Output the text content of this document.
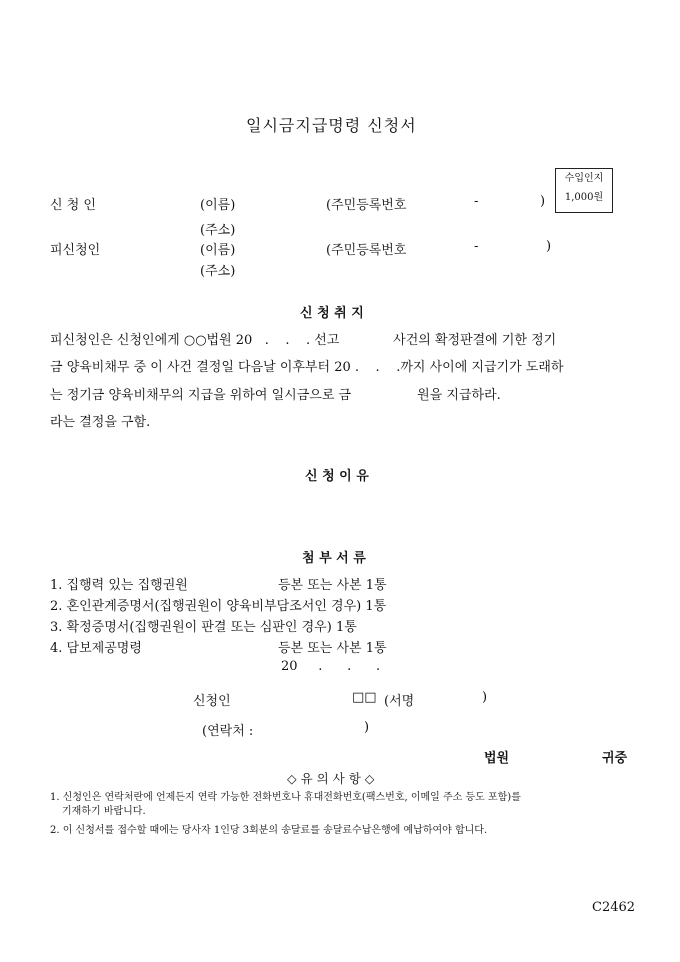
일시금지급명령 신청서
수입인지
1,000원
신 청 인	(이름)	(주민등록번호	-	)
(주소)
피신청인	(이름)	(주민등록번호	-	)
(주소)
신 청 취 지
피신청인은 신청인에게 ○○법원 20   .    .    . 선고             사건의 확정판결에 기한 정기
금 양육비채무 중 이 사건 결정일 다음날 이후부터 20 .    .    .까지 사이에 지급기가 도래하
는 정기금 양육비채무의 지급을 위하여 일시금으로 금                원을 지급하라.
라는 결정을 구함.
신 청 이 유
첨 부 서 류
1. 집행력 있는 집행권원	등본 또는 사본 1통
2. 혼인관계증명서(집행권원이 양육비부담조서인 경우) 1통
3. 확정증명서(집행권원이 판결 또는 심판인 경우) 1통
4. 담보제공명령	등본 또는 사본 1통
20     .      .      .
신청인	□□ (서명	)
(연락처 :	)
법원	귀중
◇ 유 의 사 항 ◇
1. 신청인은 연락처란에 언제든지 연락 가능한 전화번호나 휴대전화번호(팩스번호, 이메일 주소 등도 포함)를
기재하기 바랍니다.
2. 이 신청서를 접수할 때에는 당사자 1인당 3회분의 송달료를 송달료수납은행에 예납하여야 합니다.
C2462
